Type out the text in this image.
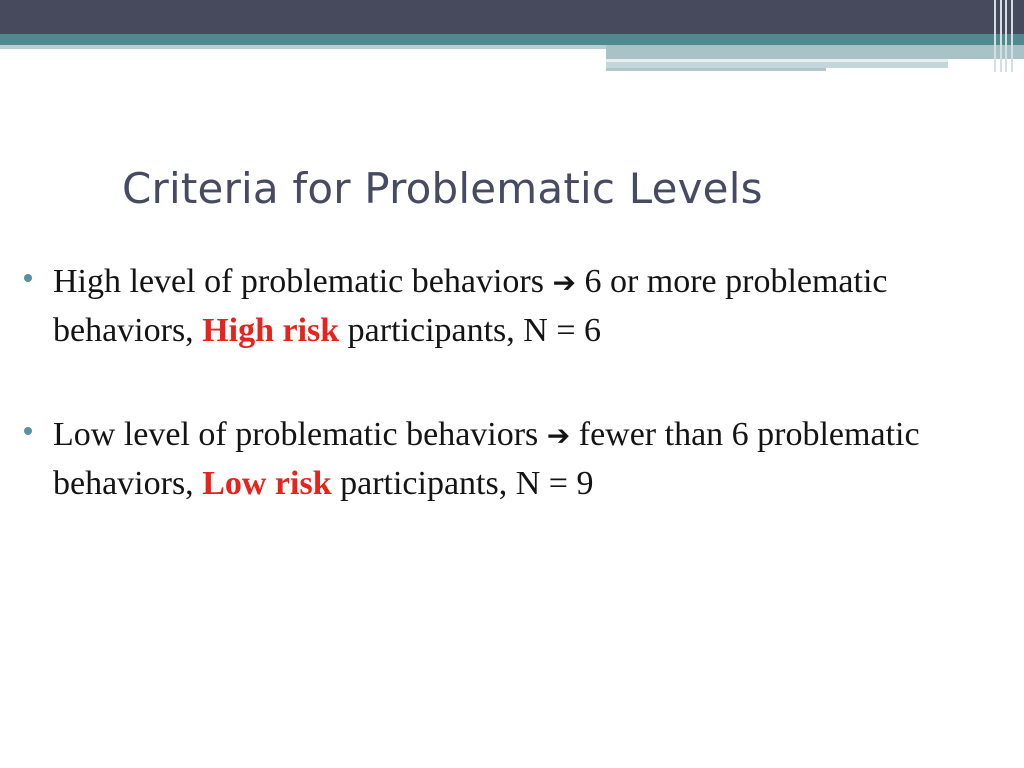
Criteria for Problematic Levels
High level of problematic behaviors ➔ 6 or more problematic behaviors, High risk participants, N = 6
Low level of problematic behaviors ➔ fewer than 6 problematic behaviors, Low risk participants, N = 9
